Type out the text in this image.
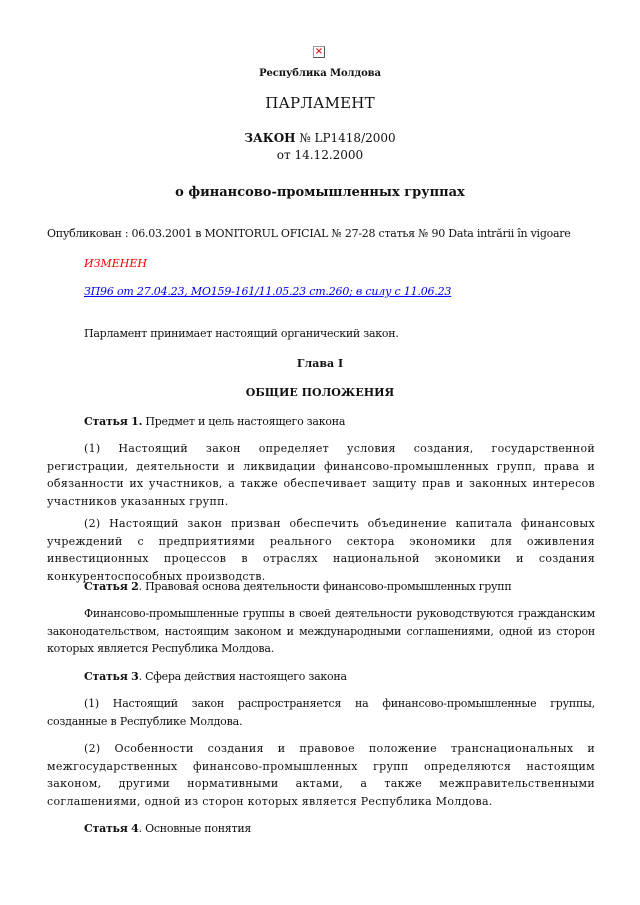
×
Республика Молдова
ПАРЛАМЕНТ
ЗАКОН № LP1418/2000
от 14.12.2000
о финансово-промышленных группах
Опубликован : 06.03.2001 в MONITORUL OFICIAL № 27-28 статья № 90 Data intrării în vigoare
ИЗМЕНЕН
ЗП96 от 27.04.23, MO159-161/11.05.23 ст.260; в силу с 11.06.23
Парламент принимает настоящий органический закон.
Глава I
ОБЩИЕ ПОЛОЖЕНИЯ
Статья 1. Предмет и цель настоящего закона
(1) Настоящий закон определяет условия создания, государственной регистрации, деятельности и ликвидации финансово-промышленных групп, права и обязанности их участников, а также обеспечивает защиту прав и законных интересов участников указанных групп.
(2) Настоящий закон призван обеспечить объединение капитала финансовых учреждений с предприятиями реального сектора экономики для оживления инвестиционных процессов в отраслях национальной экономики и создания конкурентоспособных производств.
Статья 2. Правовая основа деятельности финансово-промышленных групп
Финансово-промышленные группы в своей деятельности руководствуются гражданским законодательством, настоящим законом и международными соглашениями, одной из сторон которых является Республика Молдова.
Статья 3. Сфера действия настоящего закона
(1) Настоящий закон распространяется на финансово-промышленные группы, созданные в Республике Молдова.
(2) Особенности создания и правовое положение транснациональных и межгосударственных финансово-промышленных групп определяются настоящим законом, другими нормативными актами, а также межправительственными соглашениями, одной из сторон которых является Республика Молдова.
Статья 4. Основные понятия
